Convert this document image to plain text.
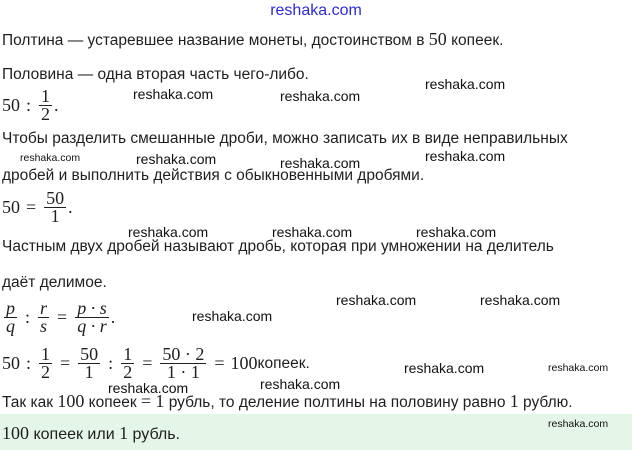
reshaka.com
Полтина — устаревшее название монеты, достоинством в 50 копеек.
Половина — одна вторая часть чего-либо.
50 : $\frac{1}{2}$ .
Чтобы разделить смешанные дроби, можно записать их в виде неправильных
дробей и выполнить действия с обыкновенными дробями.
$50 = \frac{50}{1}$ .
Частным двух дробей называют дробь, которая при умножении на делитель
даёт делимое.
$\frac{p}{q}$ : $\frac{r}{s} = \frac{p \cdot s}{q \cdot r}$ .
50 : $\frac{1}{2} = \frac{50}{1}$ : $\frac{1}{2} = \frac{50 \cdot 2}{1 \cdot 1} = 100$ копеек.
Так как 100 копеек = 1 рубль, то деление полтины на половину равно 1 рублю.
100 копеек или 1 рубль.
reshaka.com	reshaka.com
reshaka.com
reshaka.com	reshaka.com	reshaka.com	reshaka.com
reshaka.com	reshaka.com	reshaka.com
reshaka.com	reshaka.com
reshaka.com
reshaka.com	reshaka.com
reshaka.com	reshaka.com
reshaka.com
